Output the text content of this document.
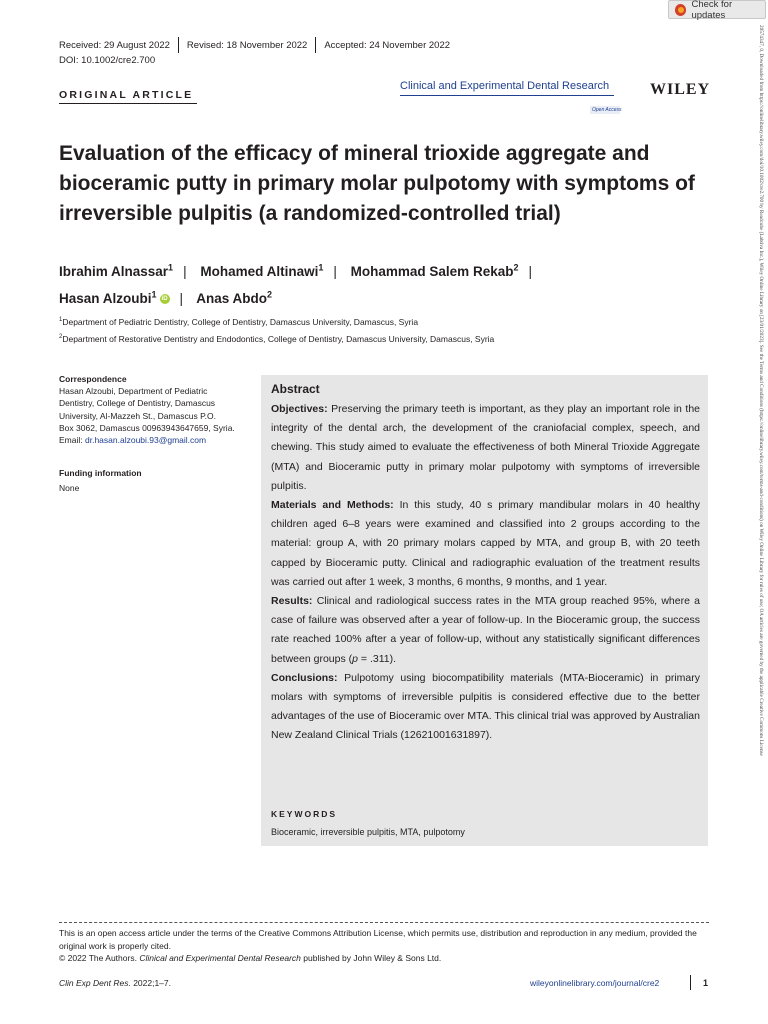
Check for updates
Received: 29 August 2022 Revised: 18 November 2022 Accepted: 24 November 2022
DOI: 10.1002/cre2.700
ORIGINAL ARTICLE
Clinical and Experimental Dental Research
Open Access
WILEY
Evaluation of the efficacy of mineral trioxide aggregate and bioceramic putty in primary molar pulpotomy with symptoms of irreversible pulpitis (a randomized-controlled trial)
Ibrahim Alnassar$^1$ | Mohamed Altinawi$^1$ | Mohammad Salem Rekab$^2$ |
Hasan Alzoubi$^1$ iD | Anas Abdo$^2$
$^1$Department of Pediatric Dentistry, College of Dentistry, Damascus University, Damascus, Syria
$^2$Department of Restorative Dentistry and Endodontics, College of Dentistry, Damascus University, Damascus, Syria
Correspondence
Hasan Alzoubi, Department of Pediatric
Dentistry, College of Dentistry, Damascus
University, Al-Mazzeh St., Damascus P.O.
Box 3062, Damascus 00963943647659, Syria.
Email: dr.hasan.alzoubi.93@gmail.com
Funding information
None
Abstract

Objectives: Preserving the primary teeth is important, as they play an important role in the integrity of the dental arch, the development of the craniofacial complex, speech, and chewing. This study aimed to evaluate the effectiveness of both Mineral Trioxide Aggregate (MTA) and Bioceramic putty in primary molar pulpotomy with symptoms of irreversible pulpitis.

Materials and Methods: In this study, 40 s primary mandibular molars in 40 healthy children aged 6–8 years were examined and classified into 2 groups according to the material: group A, with 20 primary molars capped by MTA, and group B, with 20 teeth capped by Bioceramic putty. Clinical and radiographic evaluation of the treatment results was carried out after 1 week, 3 months, 6 months, 9 months, and 1 year.

Results: Clinical and radiological success rates in the MTA group reached 95%, where a case of failure was observed after a year of follow-up. In the Bioceramic group, the success rate reached 100% after a year of follow-up, without any statistically significant differences between groups (p = .311).

Conclusions: Pulpotomy using biocompatibility materials (MTA-Bioceramic) in primary molars with symptoms of irreversible pulpitis is considered effective due to the better advantages of the use of Bioceramic over MTA. This clinical trial was approved by Australian New Zealand Clinical Trials (12621001631897).

KEYWORDS
Bioceramic, irreversible pulpitis, MTA, pulpotomy
This is an open access article under the terms of the Creative Commons Attribution License, which permits use, distribution and reproduction in any medium, provided the original work is properly cited.
© 2022 The Authors. Clinical and Experimental Dental Research published by John Wiley & Sons Ltd.
Clin Exp Dent Res. 2022;1–7.	wileyonlinelibrary.com/journal/cre2	1
20574347, 0, Downloaded from https://onlinelibrary.wiley.com/doi/10.1002/cre2.700 by Readcube (Labtiva Inc.), Wiley Online Library on [23/01/2023]. See the Terms and Conditions (https://onlinelibrary.wiley.com/terms-and-conditions) on Wiley Online Library for rules of use; OA articles are governed by the applicable Creative Commons License
